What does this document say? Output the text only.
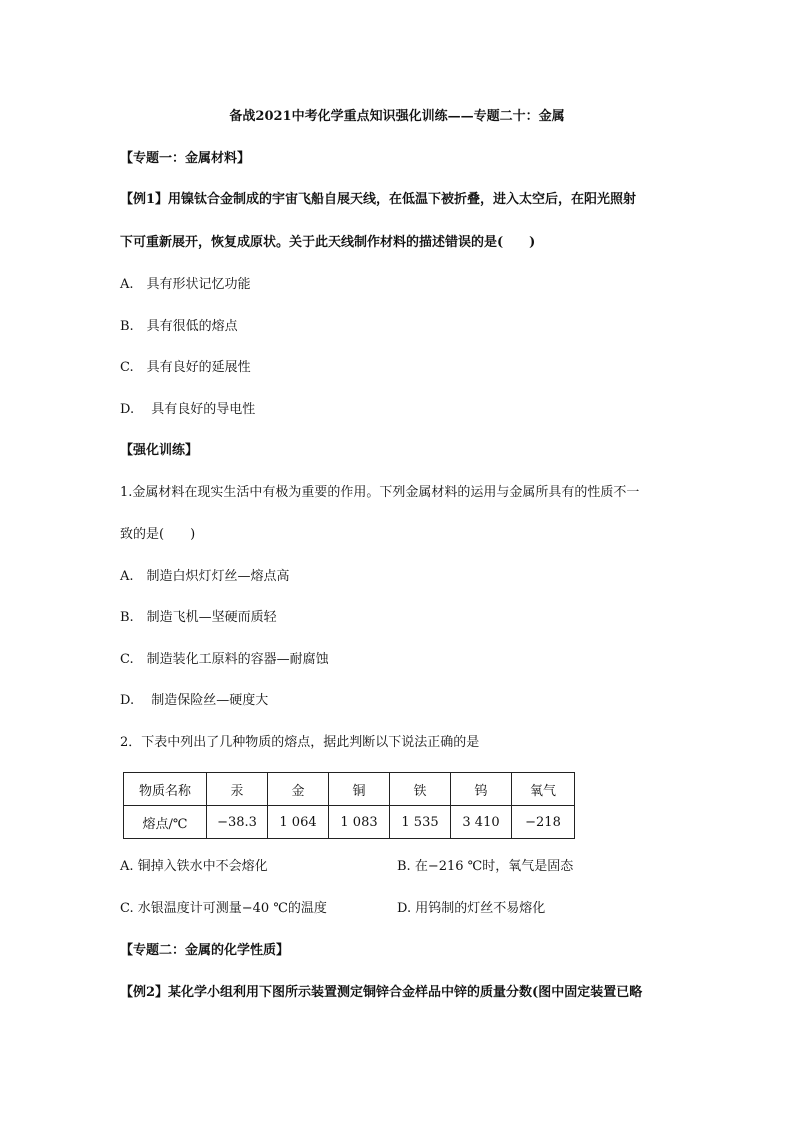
备战2021中考化学重点知识强化训练——专题二十：金属
【专题一：金属材料】
【例1】用镍钛合金制成的宇宙飞船自展天线，在低温下被折叠，进入太空后，在阳光照射
下可重新展开，恢复成原状。关于此天线制作材料的描述错误的是(　　)
A.　具有形状记忆功能
B.　具有很低的熔点
C.　具有良好的延展性
D.　 具有良好的导电性
【强化训练】
1.金属材料在现实生活中有极为重要的作用。下列金属材料的运用与金属所具有的性质不一
致的是(　　)
A.　制造白炽灯灯丝—熔点高
B.　制造飞机—坚硬而质轻
C.　制造装化工原料的容器—耐腐蚀
D.　 制造保险丝—硬度大
2．下表中列出了几种物质的熔点，据此判断以下说法正确的是
物质名称	汞	金	铜	铁	钨	氧气
熔点/℃	−38.3	1 064	1 083	1 535	3 410	−218
A. 铜掉入铁水中不会熔化	B. 在−216 ℃时，氧气是固态
C. 水银温度计可测量−40 ℃的温度	D. 用钨制的灯丝不易熔化
【专题二：金属的化学性质】
【例2】某化学小组利用下图所示装置测定铜锌合金样品中锌的质量分数(图中固定装置已略
